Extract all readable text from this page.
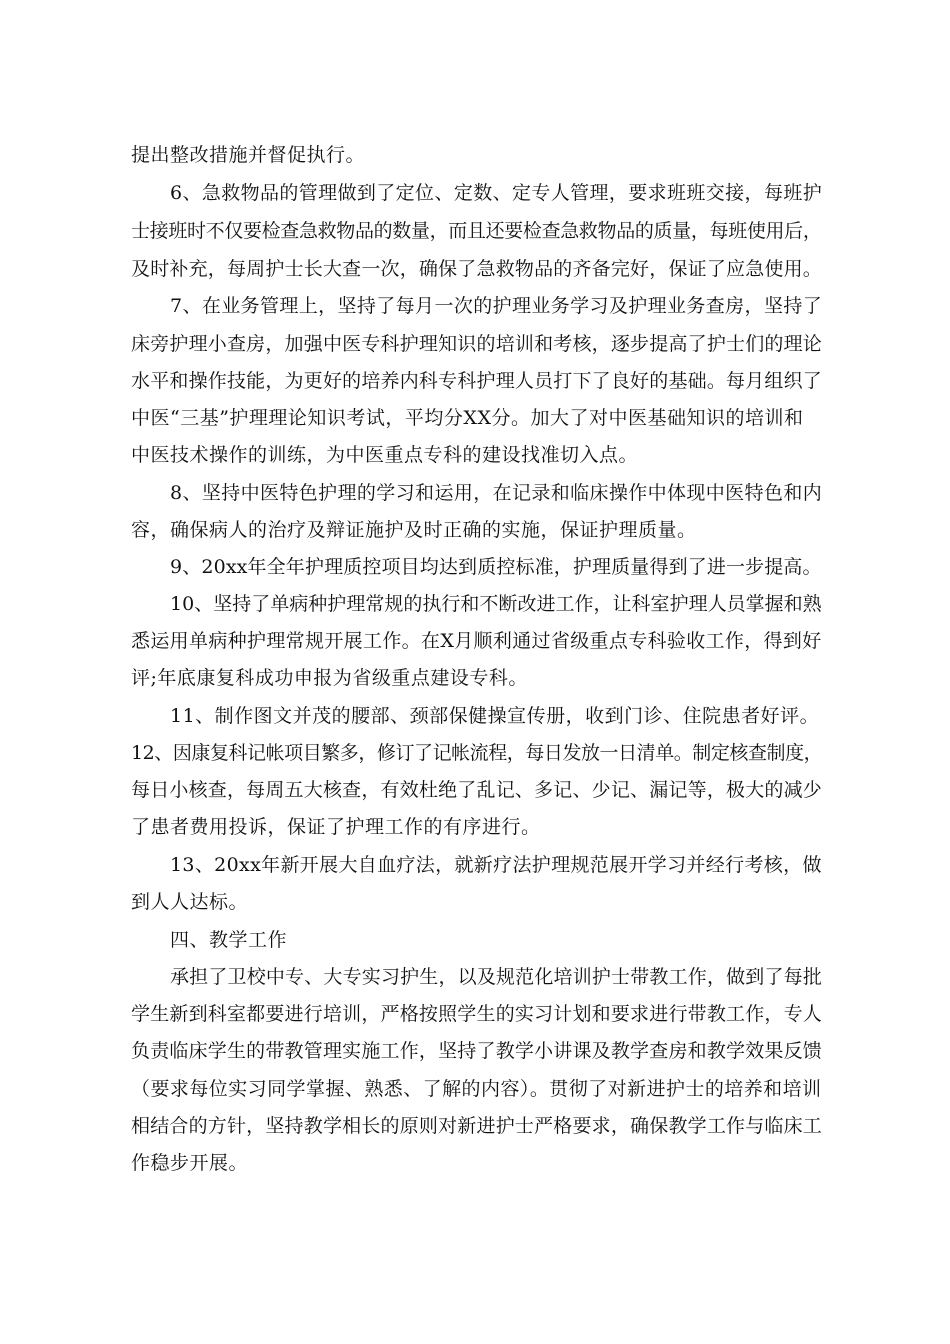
提出整改措施并督促执行。
6、急救物品的管理做到了定位、定数、定专人管理，要求班班交接，每班护
士接班时不仅要检查急救物品的数量，而且还要检查急救物品的质量，每班使用后，
及时补充，每周护士长大查一次，确保了急救物品的齐备完好，保证了应急使用。
7、在业务管理上，坚持了每月一次的护理业务学习及护理业务查房，坚持了
床旁护理小查房，加强中医专科护理知识的培训和考核，逐步提高了护士们的理论
水平和操作技能，为更好的培养内科专科护理人员打下了良好的基础。每月组织了
中医“三基”护理理论知识考试，平均分XX分。加大了对中医基础知识的培训和
中医技术操作的训练，为中医重点专科的建设找准切入点。
8、坚持中医特色护理的学习和运用，在记录和临床操作中体现中医特色和内
容，确保病人的治疗及辩证施护及时正确的实施，保证护理质量。
9、20xx年全年护理质控项目均达到质控标准，护理质量得到了进一步提高。
10、坚持了单病种护理常规的执行和不断改进工作，让科室护理人员掌握和熟
悉运用单病种护理常规开展工作。在X月顺利通过省级重点专科验收工作，得到好
评;年底康复科成功申报为省级重点建设专科。
11、制作图文并茂的腰部、颈部保健操宣传册，收到门诊、住院患者好评。
12、因康复科记帐项目繁多，修订了记帐流程，每日发放一日清单。制定核查制度，
每日小核查，每周五大核查，有效杜绝了乱记、多记、少记、漏记等，极大的减少
了患者费用投诉，保证了护理工作的有序进行。
13、20xx年新开展大自血疗法，就新疗法护理规范展开学习并经行考核，做
到人人达标。
四、教学工作
承担了卫校中专、大专实习护生，以及规范化培训护士带教工作，做到了每批
学生新到科室都要进行培训，严格按照学生的实习计划和要求进行带教工作，专人
负责临床学生的带教管理实施工作，坚持了教学小讲课及教学查房和教学效果反馈
（要求每位实习同学掌握、熟悉、了解的内容）。贯彻了对新进护士的培养和培训
相结合的方针，坚持教学相长的原则对新进护士严格要求，确保教学工作与临床工
作稳步开展。
